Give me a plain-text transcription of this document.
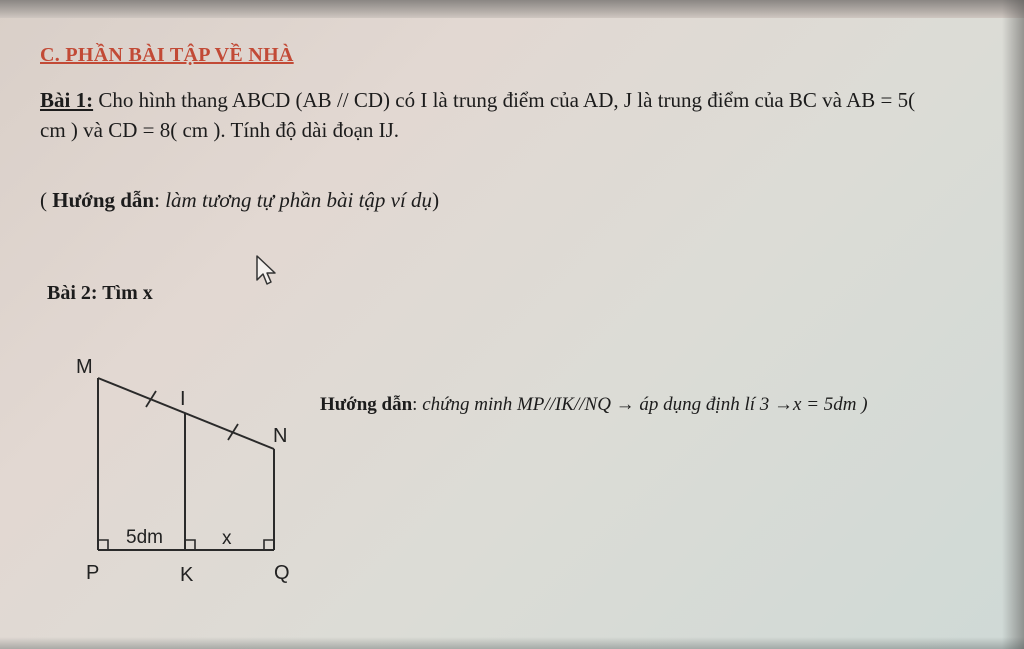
C. PHẦN BÀI TẬP VỀ NHÀ
Bài 1: Cho hình thang ABCD (AB // CD) có I là trung điểm của AD, J là trung điểm của BC và AB = 5(
cm ) và CD = 8( cm ). Tính độ dài đoạn IJ.
( Hướng dẫn: làm tương tự phần bài tập ví dụ)
Bài 2: Tìm x
M
I
N
P	K	Q
5dm	x
Hướng dẫn: chứng minh MP//IK//NQ → áp dụng định lí 3 →x = 5dm )
